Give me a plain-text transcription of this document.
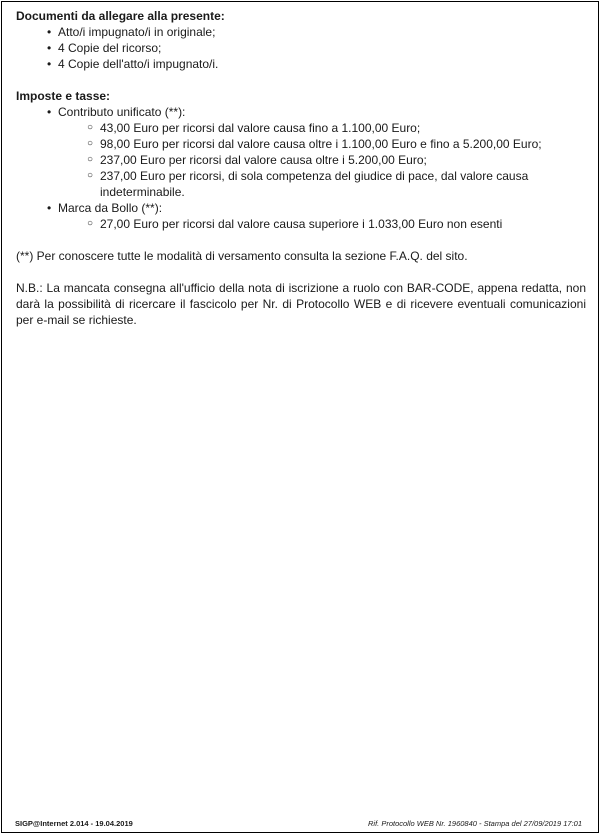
Documenti da allegare alla presente:

• Atto/i impugnato/i in originale;
• 4 Copie del ricorso;
• 4 Copie dell'atto/i impugnato/i.

Imposte e tasse:

• Contributo unificato (**):
○ 43,00 Euro per ricorsi dal valore causa fino a 1.100,00 Euro;
○ 98,00 Euro per ricorsi dal valore causa oltre i 1.100,00 Euro e fino a 5.200,00 Euro;
○ 237,00 Euro per ricorsi dal valore causa oltre i 5.200,00 Euro;
○ 237,00 Euro per ricorsi, di sola competenza del giudice di pace, dal valore causa indeterminabile.
• Marca da Bollo (**):
○ 27,00 Euro per ricorsi dal valore causa superiore i 1.033,00 Euro non esenti

(**) Per conoscere tutte le modalità di versamento consulta la sezione F.A.Q. del sito.

N.B.: La mancata consegna all'ufficio della nota di iscrizione a ruolo con BAR-CODE, appena redatta, non darà la possibilità di ricercare il fascicolo per Nr. di Protocollo WEB e di ricevere eventuali comunicazioni per e-mail se richieste.

SIGP@Internet 2.014 - 19.04.2019	Rif. Protocollo WEB Nr. 1960840 - Stampa del 27/09/2019 17:01
